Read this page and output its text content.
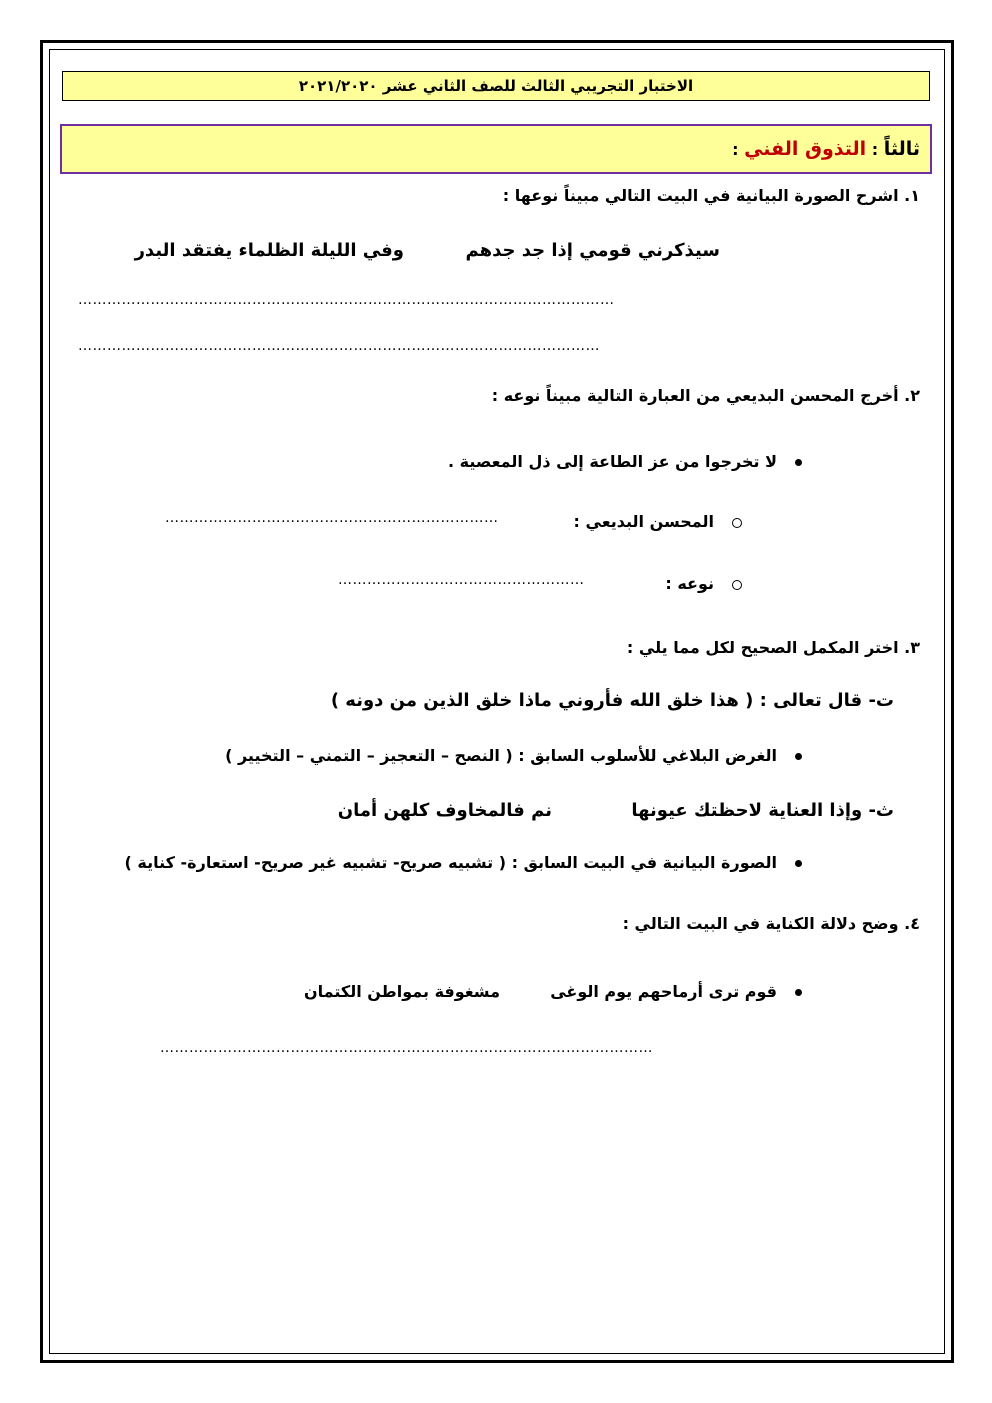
الاختبار التجريبي الثالث للصف الثاني عشر ٢٠٢١/٢٠٢٠
ثالثاً : التذوق الفني :
١. اشرح الصورة البيانية في البيت التالي مبيناً نوعها :
سيذكرني قومي إذا جد جدهم
وفي الليلة الظلماء يفتقد البدر
…………………………………………………………………………………………………
………………………………………………………………………………………………
٢. أخرج المحسن البديعي من العبارة التالية مبيناً نوعه :
لا تخرجوا من عز الطاعة إلى ذل المعصية .
المحسن البديعي :
……………………………………………………………
نوعه :
……………………………………………
٣. اختر المكمل الصحيح لكل مما يلي :
ت- قال تعالى : ( هذا خلق الله فأروني ماذا خلق الذين من دونه )
الغرض البلاغي للأسلوب السابق : ( النصح – التعجيز – التمني – التخيير )
ث- وإذا العناية لاحظتك عيونها
نم فالمخاوف كلهن أمان
الصورة البيانية في البيت السابق : ( تشبيه صريح- تشبيه غير صريح- استعارة- كناية )
٤. وضح دلالة الكناية في البيت التالي :
قوم ترى أرماحهم يوم الوغى
مشغوفة بمواطن الكتمان
…………………………………………………………………………………………
